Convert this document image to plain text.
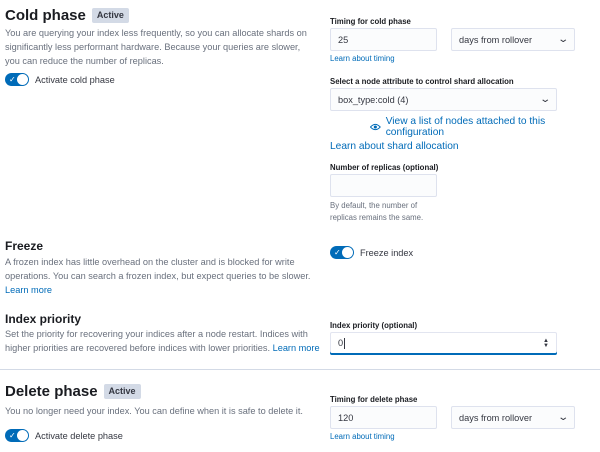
Cold phase	Active

You are querying your index less frequently, so you can allocate shards on significantly less performant hardware. Because your queries are slower, you can reduce the number of replicas.

✓ Activate cold phase
Timing for cold phase
25	days from rollover ⌄
Learn about timing
Select a node attribute to control shard allocation
box_type:cold (4)	⌄
View a list of nodes attached to this configuration
Learn about shard allocation
Number of replicas (optional)

By default, the number of replicas remains the same.

Freeze

A frozen index has little overhead on the cluster and is blocked for write operations. You can search a frozen index, but expect queries to be slower. Learn more

✓ Freeze index
Index priority

Set the priority for recovering your indices after a node restart. Indices with higher priorities are recovered before indices with lower priorities. Learn more

Index priority (optional)
0	▲
▼
Delete phase	Active

You no longer need your index. You can define when it is safe to delete it.

✓ Activate delete phase
Timing for delete phase
120	days from rollover ⌄
Learn about timing
